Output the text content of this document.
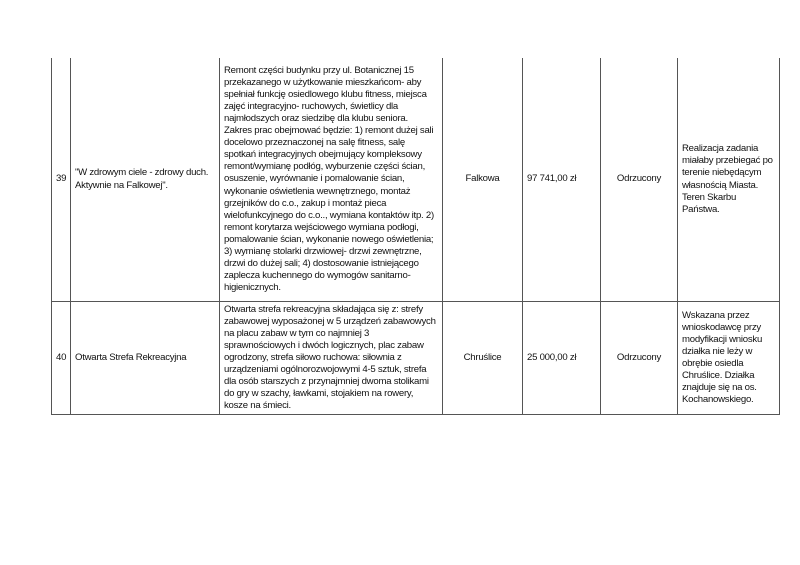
39	"W zdrowym ciele - zdrowy duch. Aktywnie na Falkowej".	Remont części budynku przy ul. Botanicznej 15 przekazanego w użytkowanie mieszkańcom- aby spełniał funkcję osiedlowego klubu fitness, miejsca zajęć integracyjno- ruchowych, świetlicy dla najmłodszych oraz siedzibę dla klubu seniora. Zakres prac obejmować będzie: 1) remont dużej sali docelowo przeznaczonej na salę fitness, salę spotkań integracyjnych obejmujący kompleksowy remont/wymianę podłóg, wyburzenie części ścian, osuszenie, wyrównanie i pomalowanie ścian, wykonanie oświetlenia wewnętrznego, montaż grzejników do c.o., zakup i montaż pieca wielofunkcyjnego do c.o.., wymiana kontaktów itp. 2) remont korytarza wejściowego wymiana podłogi, pomalowanie ścian, wykonanie nowego oświetlenia; 3) wymianę stolarki drzwiowej- drzwi zewnętrzne, drzwi do dużej sali; 4) dostosowanie istniejącego zaplecza kuchennego do wymogów sanitarno-higienicznych.	Falkowa	97 741,00 zł	Odrzucony	Realizacja zadania miałaby przebiegać po terenie niebędącym własnością Miasta. Teren Skarbu Państwa.
40	Otwarta Strefa Rekreacyjna	Otwarta strefa rekreacyjna składająca się z: strefy zabawowej wyposażonej w 5 urządzeń zabawowych na placu zabaw w tym co najmniej 3 sprawnościowych i dwóch logicznych, plac zabaw ogrodzony, strefa siłowo ruchowa: siłownia z urządzeniami ogólnorozwojowymi 4-5 sztuk, strefa dla osób starszych z przynajmniej dwoma stolikami do gry w szachy, ławkami, stojakiem na rowery, kosze na śmieci.	Chruślice	25 000,00 zł	Odrzucony	Wskazana przez wnioskodawcę przy modyfikacji wniosku działka nie leży w obrębie osiedla Chruślice. Działka znajduje się na os. Kochanowskiego.
